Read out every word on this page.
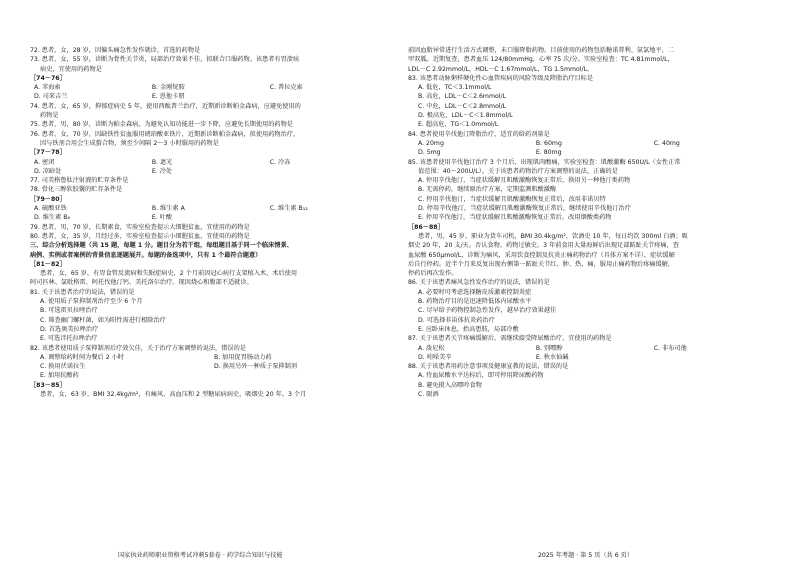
72. 患者，女，28 岁，因偏头痛急性发作就诊，首选的药物是
73. 患者，女，55 岁，诊断为骨性关节炎，局部治疗效果不佳，拟联合口服药物。该患者有胃溃疡
病史，宜使用的药物是
［74－76］
A. 苯海索	B. 金刚烷胺	C. 普拉克索
D. 司来吉兰	E. 恩他卡朋
74. 患者，女，65 岁，抑郁症病史 5 年，使用西酞普兰治疗，近期新诊断帕金森病，应避免使用的
药物是
75. 患者，男，80 岁，诊断为帕金森病，为避免认知功能进一步下降，应避免长期使用的药物是
76. 患者，女，70 岁，因缺铁性贫血服用琥珀酸亚铁片，近期新诊断帕金森病，拟使用药物治疗，
因与铁剂合用会生成螯合物，须至少间隔 2～3 小时服用的药物是
［77－78］
A. 密闭	B. 遮光	C. 冷冻
D. 凉暗处	E. 冷处
77. 司美格鲁肽注射液的贮存条件是
78. 骨化三醇软胶囊的贮存条件是
［79－80］
A. 硫酸亚铁	B. 维生素 A	C. 维生素 B₁₂
D. 维生素 B₆	E. 叶酸
79. 患者，男，70 岁，长期素食，实验室检查提示大细胞贫血，宜使用的药物是
80. 患者，女，35 岁，月经过多，实验室检查提示小细胞贫血，宜使用的药物是
三、综合分析选择题（共 15 题，每题 1 分。题目分为若干组，每组题目基于同一个临床情景、
病例、实例或者案例的背景信息逐题展开。每题的备选项中，只有 1 个最符合题意）
［81－82］
患者，女，65 岁，有胃食管反流病和失眠症病史，2 个月前因冠心病行支架植入术，术后使用
阿司匹林、氯吡格雷、阿托伐他汀钙、美托洛尔治疗。现因烧心和腹部不适就诊。
81. 关于该患者治疗的说法，错误的是
A. 使用质子泵抑制剂治疗至少 6 个月
B. 可选雷贝拉唑治疗
C. 筛查幽门螺杆菌，如为阳性需进行根除治疗
D. 首选奥美拉唑治疗
E. 可选泮托拉唑治疗
82. 该患者使用质子泵抑制剂后疗效欠佳，关于治疗方案调整的说法，错误的是
A. 调整给药时间为餐后 2 小时	B. 加用促胃肠动力药
C. 换用伏诺拉生	D. 换用另外一种质子泵抑制剂
E. 加用抗酸药
［83－85］
患者，女，63 岁，BMI 32.4kg/m²，有痛风、高血压和 2 型糖尿病病史，吸烟史 20 年。3 个月
前因血脂异常进行生活方式调整，未口服降脂药物。目前使用的药物包括糖诺普利、氨氯地平、二
甲双胍。近期复查，患者血压 124/80mmHg，心率 75 次/分。实验室检查：TC 4.81mmol/L，
LDL－C 2.92mmol/L，HDL－C 1.67mmol/L，TG 1.5mmol/L。
83. 该患者动脉粥样硬化性心血管疾病的风险等级及降脂治疗目标是
A. 低危，TC＜3.1mmol/L
B. 高危，LDL－C＜2.6mmol/L
C. 中危，LDL－C＜2.8mmol/L
D. 极高危，LDL－C＜1.8mmol/L
E. 超高危，TG＜1.0mmol/L
84. 患者使用辛伐他汀降脂治疗，适宜的给药剂量是
A. 20mg	B. 60mg	C. 40mg
D. 5mg	E. 80mg
85. 该患者使用辛伐他汀治疗 3 个月后，出现肌肉酸痛，实验室检查：肌酸激酶 650U/L（女性正常
值范围：40～200U/L）。关于该患者药物治疗方案调整的说法，正确的是
A. 停用辛伐他汀，当症状缓解且肌酸激酶恢复正常后，换用另一种他汀类药物
B. 无需停药，继续原治疗方案，定期监测肌酸激酶
C. 停用辛伐他汀，当症状缓解且肌酸激酶恢复正常后，改用非诺贝特
D. 停用辛伐他汀，当症状缓解且肌酸激酶恢复正常后，继续使用辛伐他汀治疗
E. 停用辛伐他汀，当症状缓解且肌酸激酶恢复正常后，改用烟酸类药物
［86－88］
患者，男，45 岁，职业为货车司机，BMI 30.4kg/m²，饮酒史 10 年，每日约饮 300ml 白酒；吸
烟史 20 年，20 支/天。否认食物、药物过敏史。3 年前食用大量海鲜后出现足部跖趾关节疼痛，查
血尿酸 650μmol/L，诊断为痛风，采用饮食控制及抗炎止痛药物治疗（具体方案不详），症状缓解
后自行停药。近半个月来反复出现右侧第一跖趾关节红、肿、热、痛，服用止痛药物后疼痛缓解，
停药后再次发作。
86. 关于该患者痛风急性发作治疗的说法，错误的是
A. 必要时可考虑选择糖皮质激素控制炎症
B. 药物治疗目的是迅速降低体内尿酸水平
C. 尽早给予药物控制急性发作，越早治疗效果越佳
D. 可选择非甾体抗炎药治疗
E. 应卧床休息，抬高患肢，局部冷敷
87. 关于该患者关节疼痛缓解后，需继续接受降尿酸治疗，宜使用的药物是
A. 泼尼松	B. 别嘌醇	C. 非布司他
D. 吲哚美辛	E. 秋水仙碱
88. 关于该患者用药注意事项及健康宣教的说法，错误的是
A. 待血尿酸水平达标后，即可停用降尿酸药物
B. 避免摄入高嘌呤食物
C. 限酒
国家执业药师职业资格考试冲刺5套卷 · 药学综合知识与技能	2025 年考题 · 第 5 页（共 6 页）
